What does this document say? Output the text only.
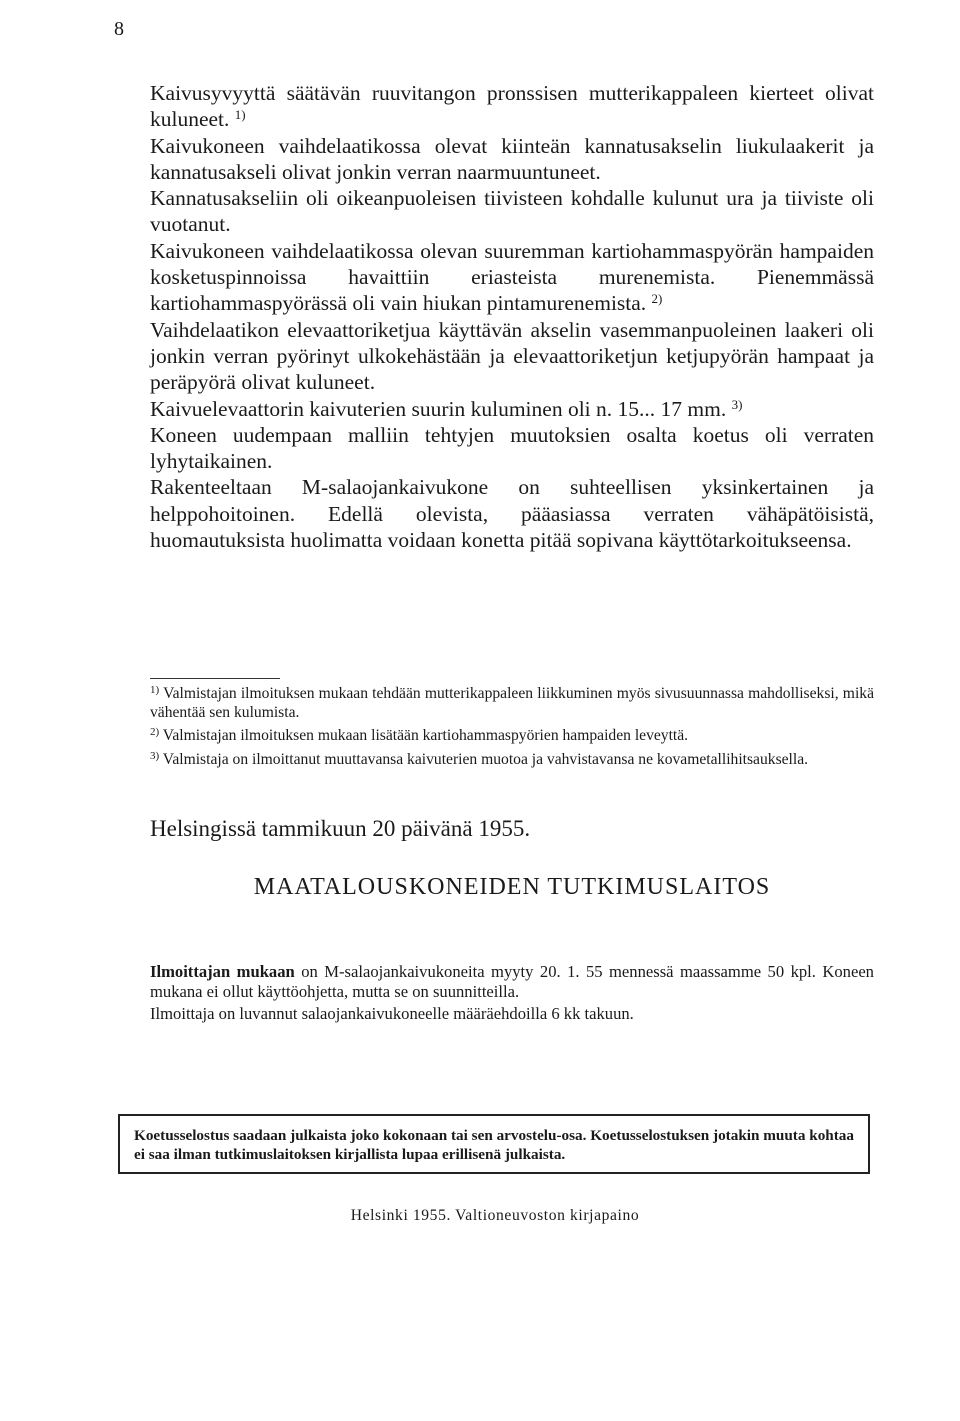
8

Kaivusyvyyttä säätävän ruuvitangon pronssisen mutterikappaleen kierteet olivat kuluneet. $^{1)}$

Kaivukoneen vaihdelaatikossa olevat kiinteän kannatusakselin liukulaakerit ja kannatusakseli olivat jonkin verran naarmuuntuneet.

Kannatusakseliin oli oikeanpuoleisen tiivisteen kohdalle kulunut ura ja tiiviste oli vuotanut.

Kaivukoneen vaihdelaatikossa olevan suuremman kartiohammaspyörän hampaiden kosketuspinnoissa havaittiin eriasteista murenemista. Pienemmässä kartiohammaspyörässä oli vain hiukan pintamurenemista. $^{2)}$

Vaihdelaatikon elevaattoriketjua käyttävän akselin vasemmanpuoleinen laakeri oli jonkin verran pyörinyt ulkokehästään ja elevaattoriketjun ketjupyörän hampaat ja peräpyörä olivat kuluneet.

Kaivuelevaattorin kaivuterien suurin kuluminen oli n. 15... 17 mm. $^{3)}$

Koneen uudempaan malliin tehtyjen muutoksien osalta koetus oli verraten lyhytaikainen.

Rakenteeltaan M-salaojankaivukone on suhteellisen yksinkertainen ja helppohoitoinen. Edellä olevista, pääasiassa verraten vähäpätöisistä, huomautuksista huolimatta voidaan konetta pitää sopivana käyttötarkoitukseensa.

$^{1)}$ Valmistajan ilmoituksen mukaan tehdään mutterikappaleen liikkuminen myös sivusuunnassa mahdolliseksi, mikä vähentää sen kulumista.

$^{2)}$ Valmistajan ilmoituksen mukaan lisätään kartiohammaspyörien hampaiden leveyttä.

$^{3)}$ Valmistaja on ilmoittanut muuttavansa kaivuterien muotoa ja vahvistavansa ne kovametallihitsauksella.

Helsingissä tammikuun 20 päivänä 1955.
MAATALOUSKONEIDEN TUTKIMUSLAITOS

Ilmoittajan mukaan on M-salaojankaivukoneita myyty 20. 1. 55 mennessä maassamme 50 kpl. Koneen mukana ei ollut käyttöohjetta, mutta se on suunnitteilla.

Ilmoittaja on luvannut salaojankaivukoneelle määräehdoilla 6 kk takuun.

Koetusselostus saadaan julkaista joko kokonaan tai sen arvostelu-osa. Koetusselostuksen jotakin muuta kohtaa ei saa ilman tutkimuslaitoksen kirjallista lupaa erillisenä julkaista.

Helsinki 1955. Valtioneuvoston kirjapaino
